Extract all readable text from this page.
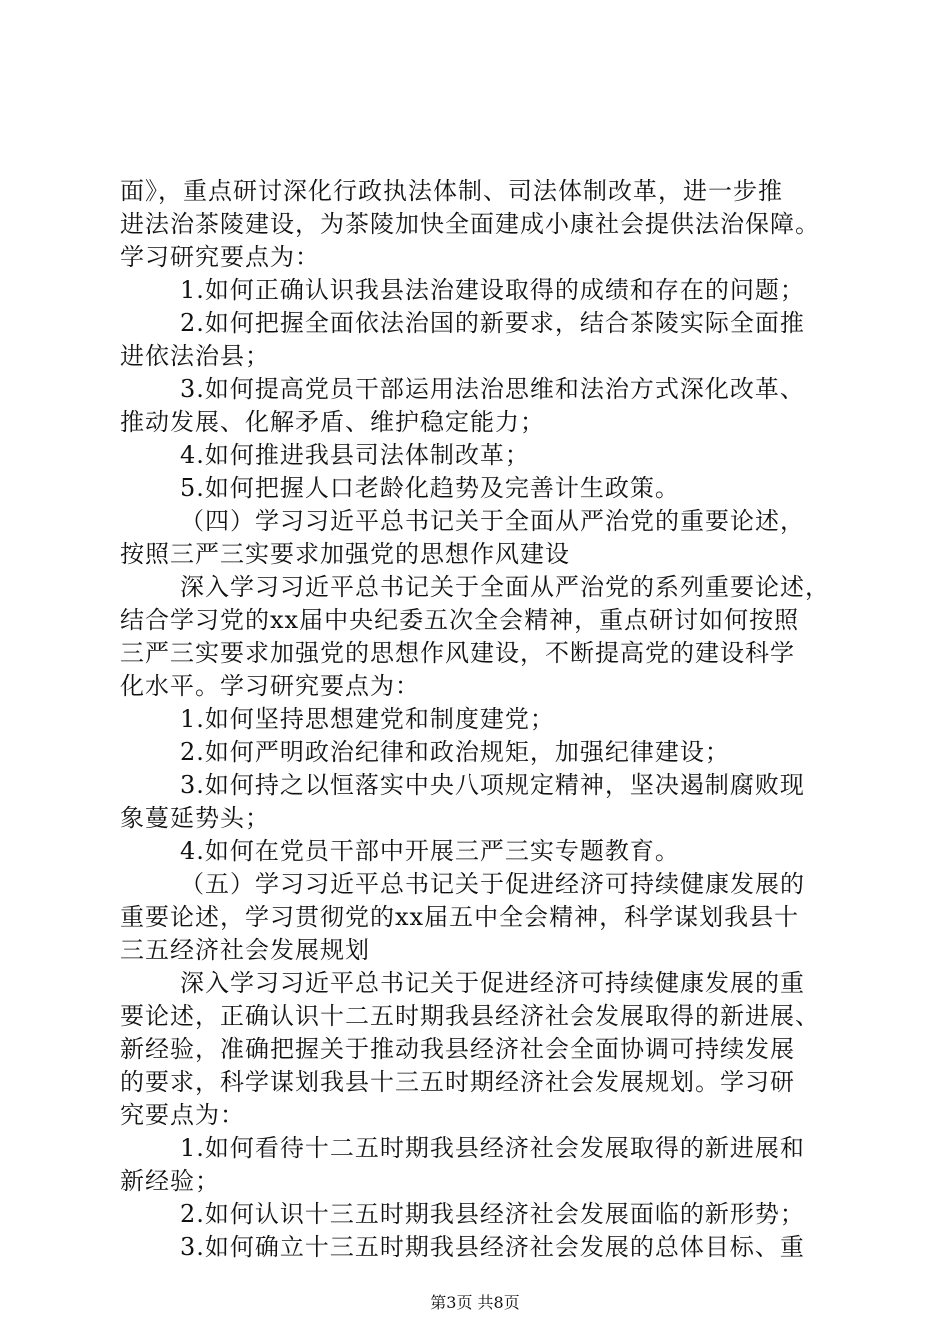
面》，重点研讨深化行政执法体制、司法体制改革，进一步推
进法治茶陵建设，为茶陵加快全面建成小康社会提供法治保障。
学习研究要点为：
1.如何正确认识我县法治建设取得的成绩和存在的问题；
2.如何把握全面依法治国的新要求，结合茶陵实际全面推
进依法治县；
3.如何提高党员干部运用法治思维和法治方式深化改革、
推动发展、化解矛盾、维护稳定能力；
4.如何推进我县司法体制改革；
5.如何把握人口老龄化趋势及完善计生政策。
（四）学习习近平总书记关于全面从严治党的重要论述，
按照三严三实要求加强党的思想作风建设
深入学习习近平总书记关于全面从严治党的系列重要论述，
结合学习党的xx届中央纪委五次全会精神，重点研讨如何按照
三严三实要求加强党的思想作风建设，不断提高党的建设科学
化水平。学习研究要点为：
1.如何坚持思想建党和制度建党；
2.如何严明政治纪律和政治规矩，加强纪律建设；
3.如何持之以恒落实中央八项规定精神，坚决遏制腐败现
象蔓延势头；
4.如何在党员干部中开展三严三实专题教育。
（五）学习习近平总书记关于促进经济可持续健康发展的
重要论述，学习贯彻党的xx届五中全会精神，科学谋划我县十
三五经济社会发展规划
深入学习习近平总书记关于促进经济可持续健康发展的重
要论述，正确认识十二五时期我县经济社会发展取得的新进展、
新经验，准确把握关于推动我县经济社会全面协调可持续发展
的要求，科学谋划我县十三五时期经济社会发展规划。学习研
究要点为：
1.如何看待十二五时期我县经济社会发展取得的新进展和
新经验；
2.如何认识十三五时期我县经济社会发展面临的新形势；
3.如何确立十三五时期我县经济社会发展的总体目标、重
第3页 共8页
